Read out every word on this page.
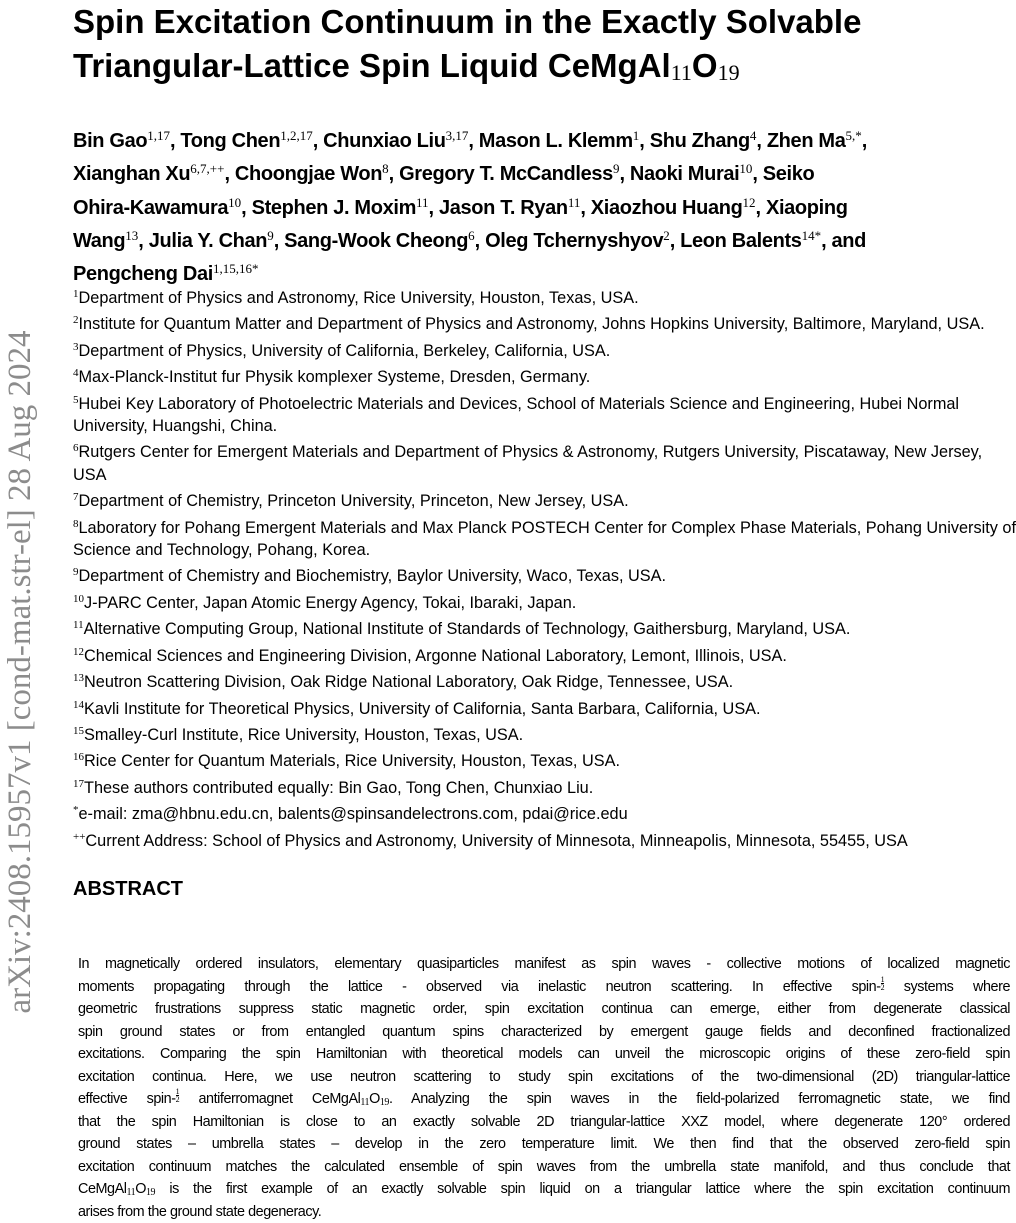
arXiv:2408.15957v1 [cond-mat.str-el] 28 Aug 2024
Spin Excitation Continuum in the Exactly Solvable
Triangular-Lattice Spin Liquid $CeMgAl_{11}O_{19}$
Bin Gao$^{1,17}$, Tong Chen$^{1,2,17}$, Chunxiao Liu$^{3,17}$, Mason L. Klemm$^1$, Shu Zhang$^4$, Zhen $Ma^{5,*}$,
Xianghan $Xu^{6,7,++}$, Choongjae Won$^8$, Gregory T. McCandless$^9$, Naoki Murai$^{10}$, Seiko
Ohira-Kawamura$^{10}$, Stephen J. Moxim$^{11}$, Jason T. Ryan$^{11}$, Xiaozhou Huang$^{12}$, Xiaoping
Wang$^{13}$, Julia Y. Chan$^9$, Sang-Wook Cheong$^6$, Oleg Tchernyshyov$^2$, Leon Balents$^{14*}$, and
Pengcheng Dai$^{1,15,16*}$
$^1$Department of Physics and Astronomy, Rice University, Houston, Texas, USA.
$^2$Institute for Quantum Matter and Department of Physics and Astronomy, Johns Hopkins University, Baltimore, Maryland, USA.
$^3$Department of Physics, University of California, Berkeley, California, USA.
$^4$Max-Planck-Institut fur Physik komplexer Systeme, Dresden, Germany.
$^5$Hubei Key Laboratory of Photoelectric Materials and Devices, School of Materials Science and Engineering, Hubei Normal University, Huangshi, China.
$^6$Rutgers Center for Emergent Materials and Department of Physics & Astronomy, Rutgers University, Piscataway, New Jersey, USA
$^7$Department of Chemistry, Princeton University, Princeton, New Jersey, USA.
$^8$Laboratory for Pohang Emergent Materials and Max Planck POSTECH Center for Complex Phase Materials, Pohang University of Science and Technology, Pohang, Korea.
$^9$Department of Chemistry and Biochemistry, Baylor University, Waco, Texas, USA.
$^{10}$J-PARC Center, Japan Atomic Energy Agency, Tokai, Ibaraki, Japan.
$^{11}$Alternative Computing Group, National Institute of Standards of Technology, Gaithersburg, Maryland, USA.
$^{12}$Chemical Sciences and Engineering Division, Argonne National Laboratory, Lemont, Illinois, USA.
$^{13}$Neutron Scattering Division, Oak Ridge National Laboratory, Oak Ridge, Tennessee, USA.
$^{14}$Kavli Institute for Theoretical Physics, University of California, Santa Barbara, California, USA.
$^{15}$Smalley-Curl Institute, Rice University, Houston, Texas, USA.
$^{16}$Rice Center for Quantum Materials, Rice University, Houston, Texas, USA.
$^{17}$These authors contributed equally: Bin Gao, Tong Chen, Chunxiao Liu.
*e-mail: zma@hbnu.edu.cn, balents@spinsandelectrons.com, pdai@rice.edu
++Current Address: School of Physics and Astronomy, University of Minnesota, Minneapolis, Minnesota, 55455, USA
ABSTRACT
In magnetically ordered insulators, elementary quasiparticles manifest as spin waves - collective motions of localized magnetic
moments propagating through the lattice - observed via inelastic neutron scattering. In effective spin- $\frac{1}{2}$ systems where
geometric frustrations suppress static magnetic order, spin excitation continua can emerge, either from degenerate classical
spin ground states or from entangled quantum spins characterized by emergent gauge fields and deconfined fractionalized
excitations. Comparing the spin Hamiltonian with theoretical models can unveil the microscopic origins of these zero-field spin
excitation continua. Here, we use neutron scattering to study spin excitations of the two-dimensional (2D) triangular-lattice
effective spin- $\frac{1}{2}$ antiferromagnet $CeMgAl_{11}O_{19}$. Analyzing the spin waves in the field-polarized ferromagnetic state, we find
that the spin Hamiltonian is close to an exactly solvable 2D triangular-lattice XXZ model, where degenerate 120° ordered
ground states – umbrella states – develop in the zero temperature limit. We then find that the observed zero-field spin
excitation continuum matches the calculated ensemble of spin waves from the umbrella state manifold, and thus conclude that
$CeMgAl_{11}O_{19}$ is the first example of an exactly solvable spin liquid on a triangular lattice where the spin excitation continuum
arises from the ground state degeneracy.
